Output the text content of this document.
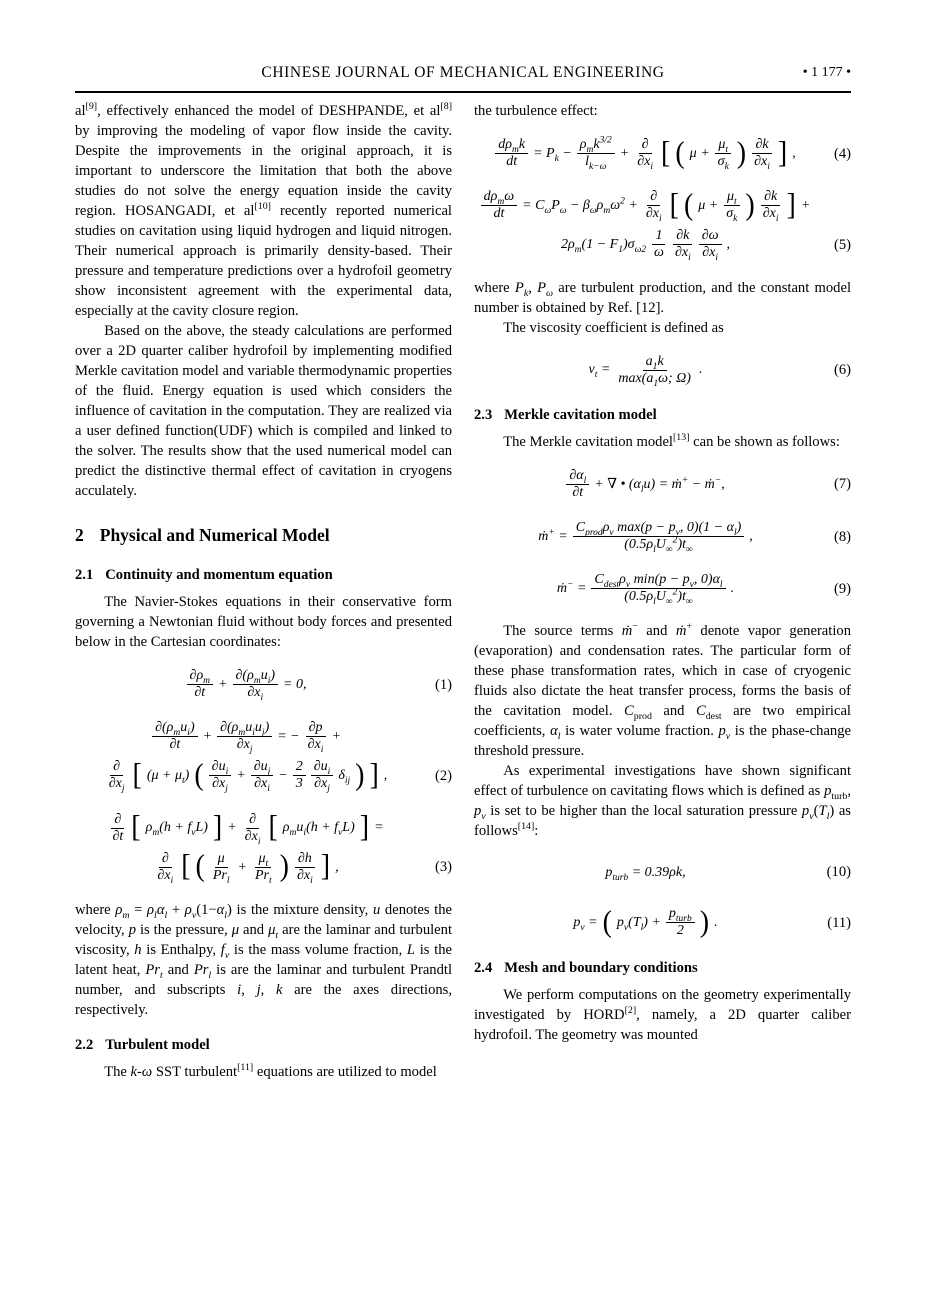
CHINESE JOURNAL OF MECHANICAL ENGINEERING	• 1 177 •

al[9], effectively enhanced the model of DESHPANDE, et al[8] by improving the modeling of vapor flow inside the cavity. Despite the improvements in the original approach, it is important to underscore the limitation that both the above studies do not solve the energy equation inside the cavity region. HOSANGADI, et al[10] recently reported numerical studies on cavitation using liquid hydrogen and liquid nitrogen. Their numerical approach is primarily density-based. Their pressure and temperature predictions over a hydrofoil geometry show inconsistent agreement with the experimental data, especially at the cavity closure region.

Based on the above, the steady calculations are performed over a 2D quarter caliber hydrofoil by implementing modified Merkle cavitation model and variable thermodynamic properties of the fluid. Energy equation is used which considers the influence of cavitation in the computation. They are realized via a user defined function(UDF) which is compiled and linked to the solver. The results show that the used numerical model can predict the distinctive thermal effect of cavitation in cryogens acculately.

2 Physical and Numerical Model
2.1 Continuity and momentum equation

The Navier-Stokes equations in their conservative form governing a Newtonian fluid without body forces and presented below in the Cartesian coordinates:

$\frac{\partial\rho_m}{\partial t} + \frac{\partial(\rho_mu_i)}{\partial x_i} = 0$,	(1)
$\frac{\partial(\rho_mu_i)}{\partial t} + \frac{\partial(\rho_mu_iu_j)}{\partial x_j}$ = − $\frac{\partial p}{\partial x_i}$ +
$\frac{\partial}{\partial x_j}$ [ $(\mu + \mu_t)$ ( $\frac{\partial u_i}{\partial x_j} + \frac{\partial u_j}{\partial x_i} - \frac{2}{3} \frac{\partial u_i}{\partial x_j} \delta_{ij}$ ) ] ,	(2)
$\frac{\partial}{\partial t}$ [ $\rho_m(h + f_vL)$ ] + $\frac{\partial}{\partial x_i}$ [ $\rho_mu_i(h + f_vL)$ ] =
$\frac{\partial}{\partial x_i}$ [ ( $\frac{\mu}{Pr_l} + \frac{\mu_t}{Pr_t}$ ) $\frac{\partial h}{\partial x_i}$ ] ,	(3)

where $\rho_m = \rho_l\alpha_l + \rho_v(1-\alpha_l)$ is the mixture density, u denotes the velocity, p is the pressure, μ and $\mu_t$ are the laminar and turbulent viscosity, h is Enthalpy, $f_v$ is the mass volume fraction, L is the latent heat, $Pr_t$ and $Pr_l$ is are the laminar and turbulent Prandtl number, and subscripts i, j, k are the axes directions, respectively.

2.2 Turbulent model

The k-ω SST turbulent[11] equations are utilized to model

the turbulence effect:

$\frac{d\rho_mk}{dt} = P_k - \frac{\rho_mk^{3/2}}{l_{k-\omega}} + \frac{\partial}{\partial x_i}$ [ ( $\mu + \frac{\mu_t}{\sigma_k}$ ) $\frac{\partial k}{\partial x_i}$ ] ,	(4)
$\frac{d\rho_m\omega}{dt} = C_\omega P_\omega - \beta_\omega\rho_m\omega^2 + \frac{\partial}{\partial x_i}$ [ ( $\mu + \frac{\mu_t}{\sigma_k}$ ) $\frac{\partial k}{\partial x_i}$ ] +
$2\rho_m(1 - F_1)\sigma_{\omega 2} \frac{1}{\omega} \frac{\partial k}{\partial x_i} \frac{\partial\omega}{\partial x_i}$ ,	(5)

where $P_k$, $P_\omega$ are turbulent production, and the constant model number is obtained by Ref. [12].

The viscosity coefficient is defined as

$\nu_t = \frac{a_1k}{\max(a_1\omega; \Omega)}$ .	(6)
2.3 Merkle cavitation model

The Merkle cavitation model[13] can be shown as follows:

$\frac{\partial\alpha_l}{\partial t}$ + ∇ • $(\alpha_lu)$ = ṁ+ − ṁ−,	(7)
ṁ+ = $\frac{C_{prod}\rho_v \max(p - p_v, 0)(1 - \alpha_l)}{(0.5\rho_lU_\infty^2)t_\infty}$ ,	(8)
ṁ− = $\frac{C_{dest}\rho_v \min(p - p_v, 0)\alpha_l}{(0.5\rho_lU_\infty^2)t_\infty}$ .	(9)

The source terms ṁ− and ṁ+ denote vapor generation (evaporation) and condensation rates. The particular form of these phase transformation rates, which in case of cryogenic fluids also dictate the heat transfer process, forms the basis of the cavitation model. $C_{prod}$ and $C_{dest}$ are two empirical coefficients, $\alpha_l$ is water volume fraction. $p_v$ is the phase-change threshold pressure.

As experimental investigations have shown significant effect of turbulence on cavitating flows which is defined as $p_{turb}$, $p_v$ is set to be higher than the local saturation pressure $p_v(T_l)$ as follows[14]:

$p_{turb} = 0.39\rho k$,	(10)
$p_v$ = ( $p_v(T_l) + \frac{p_{turb}}{2}$ ) .	(11)
2.4 Mesh and boundary conditions

We perform computations on the geometry experimentally investigated by HORD[2], namely, a 2D quarter caliber hydrofoil. The geometry was mounted
